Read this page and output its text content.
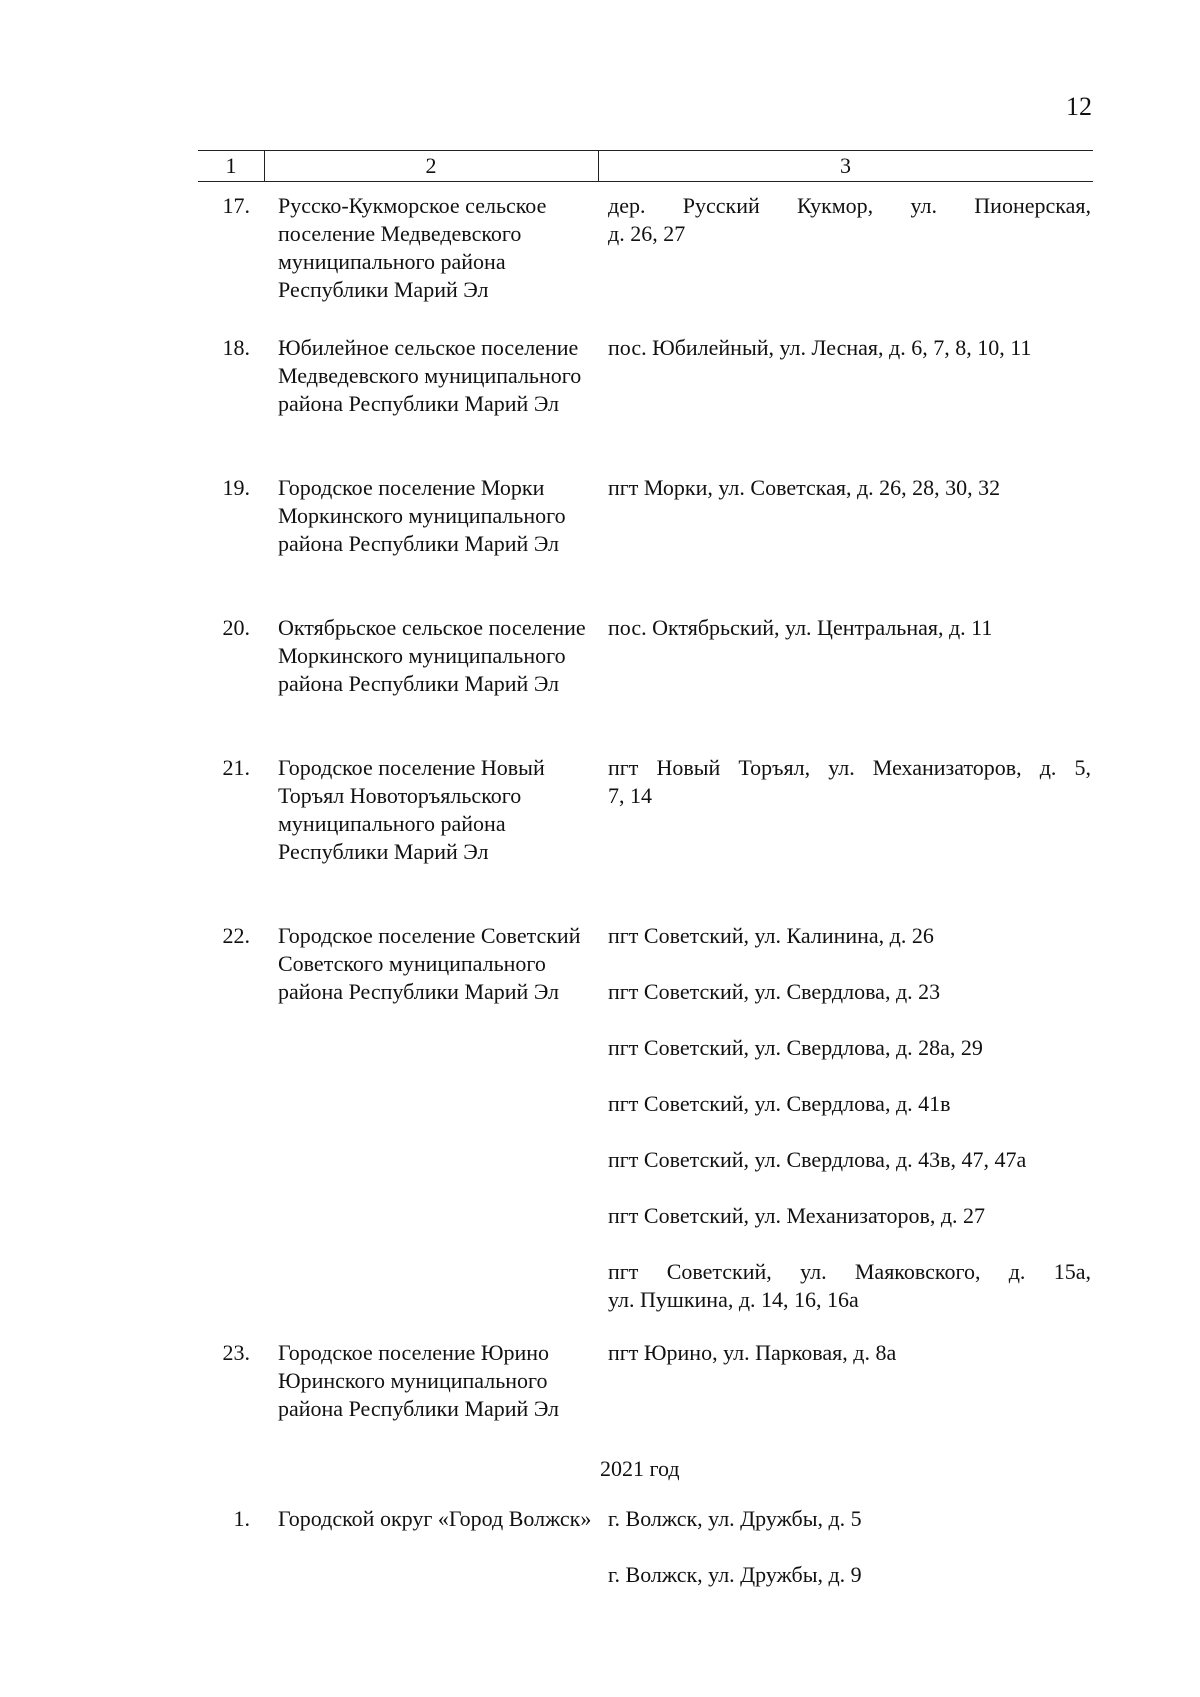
12
1	2	3
17. Русско-Кукморское сельское поселение Медведевского муниципального района Республики Марий Эл
дер. Русский Кукмор, ул. Пионерская,
д. 26, 27
18. Юбилейное сельское поселение Медведевского муниципального района Республики Марий Эл
пос. Юбилейный, ул. Лесная, д. 6, 7, 8, 10, 11
19. Городское поселение Морки Моркинского муниципального района Республики Марий Эл
пгт Морки, ул. Советская, д. 26, 28, 30, 32
20. Октябрьское сельское поселение Моркинского муниципального района Республики Марий Эл
пос. Октябрьский, ул. Центральная, д. 11
21. Городское поселение Новый Торъял Новоторъяльского муниципального района Республики Марий Эл
пгт Новый Торъял, ул. Механизаторов, д. 5,
7, 14
22. Городское поселение Советский Советского муниципального района Республики Марий Эл
пгт Советский, ул. Калинина, д. 26
пгт Советский, ул. Свердлова, д. 23
пгт Советский, ул. Свердлова, д. 28а, 29
пгт Советский, ул. Свердлова, д. 41в
пгт Советский, ул. Свердлова, д. 43в, 47, 47а
пгт Советский, ул. Механизаторов, д. 27
пгт Советский, ул. Маяковского, д. 15а,
ул. Пушкина, д. 14, 16, 16а
23. Городское поселение Юрино Юринского муниципального района Республики Марий Эл
пгт Юрино, ул. Парковая, д. 8а
2021 год
1. Городской округ «Город Волжск» г. Волжск, ул. Дружбы, д. 5
г. Волжск, ул. Дружбы, д. 9
